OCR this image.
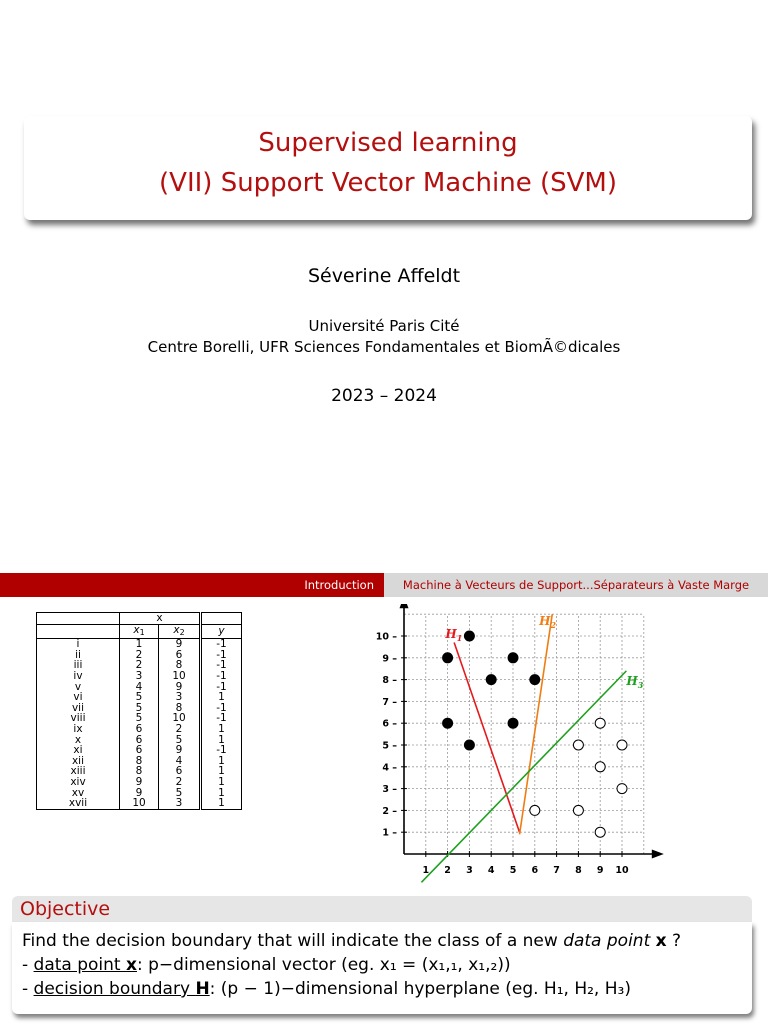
Supervised learning
(VII) Support Vector Machine (SVM)
Séverine Affeldt
Université Paris Cité
Centre Borelli, UFR Sciences Fondamentales et BiomÃ©dicales
2023 – 2024
Introduction	Machine à Vecteurs de Support...Séparateurs à Vaste Marge
	x		
	$x_1$	$x_2$	y
i	1	9	-1
ii	2	6	-1
iii	2	8	-1
iv	3	10	-1
v	4	9	-1
vi	5	3	1
vii	5	8	-1
viii	5	10	-1
ix	6	2	1
x	6	5	1
xi	6	9	-1
xii	8	4	1
xiii	8	6	1
xiv	9	2	1
xv	9	5	1
xvii	10	3	1
1 2 3 4 5 6 7 8 9 10
1 –
2 –
3 –
4 –
5 –
6 –
7 –
8 –
9 –
10 –	$H_1$
$H_2$
$H_3$
Objective
Find the decision boundary that will indicate the class of a new data point x ?
- data point x: p−dimensional vector (eg. x₁ = (x₁,₁, x₁,₂))
- decision boundary H: (p − 1)−dimensional hyperplane (eg. H₁, H₂, H₃)
